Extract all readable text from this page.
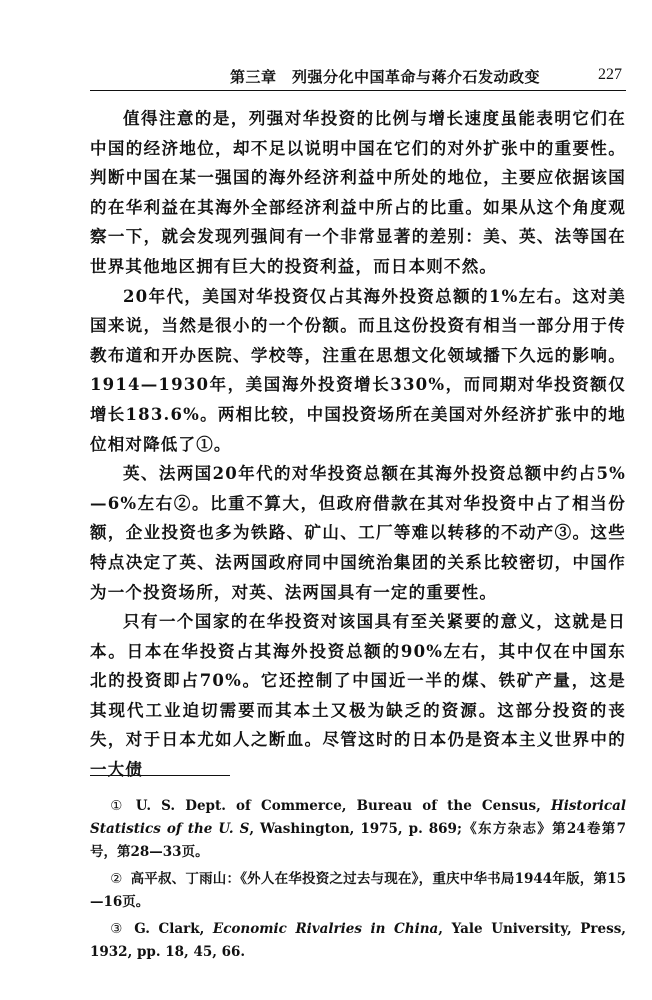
第三章　列强分化中国革命与蒋介石发动政变	227

值得注意的是，列强对华投资的比例与增长速度虽能表明它们在中国的经济地位，却不足以说明中国在它们的对外扩张中的重要性。判断中国在某一强国的海外经济利益中所处的地位，主要应依据该国的在华利益在其海外全部经济利益中所占的比重。如果从这个角度观察一下，就会发现列强间有一个非常显著的差别：美、英、法等国在世界其他地区拥有巨大的投资利益，而日本则不然。

20年代，美国对华投资仅占其海外投资总额的1%左右。这对美国来说，当然是很小的一个份额。而且这份投资有相当一部分用于传教布道和开办医院、学校等，注重在思想文化领域播下久远的影响。1914—1930年，美国海外投资增长330%，而同期对华投资额仅增长183.6%。两相比较，中国投资场所在美国对外经济扩张中的地位相对降低了①。

英、法两国20年代的对华投资总额在其海外投资总额中约占5%—6%左右②。比重不算大，但政府借款在其对华投资中占了相当份额，企业投资也多为铁路、矿山、工厂等难以转移的不动产③。这些特点决定了英、法两国政府同中国统治集团的关系比较密切，中国作为一个投资场所，对英、法两国具有一定的重要性。

只有一个国家的在华投资对该国具有至关紧要的意义，这就是日本。日本在华投资占其海外投资总额的90%左右，其中仅在中国东北的投资即占70%。它还控制了中国近一半的煤、铁矿产量，这是其现代工业迫切需要而其本土又极为缺乏的资源。这部分投资的丧失，对于日本尤如人之断血。尽管这时的日本仍是资本主义世界中的一大债

① U. S. Dept. of Commerce, Bureau of the Census, Historical Statistics of the U. S, Washington, 1975, p. 869;《东方杂志》第24卷第7号，第28—33页。

② 高平叔、丁雨山：《外人在华投资之过去与现在》，重庆中华书局1944年版，第15—16页。

③ G. Clark, Economic Rivalries in China, Yale University, Press, 1932, pp. 18, 45, 66.
